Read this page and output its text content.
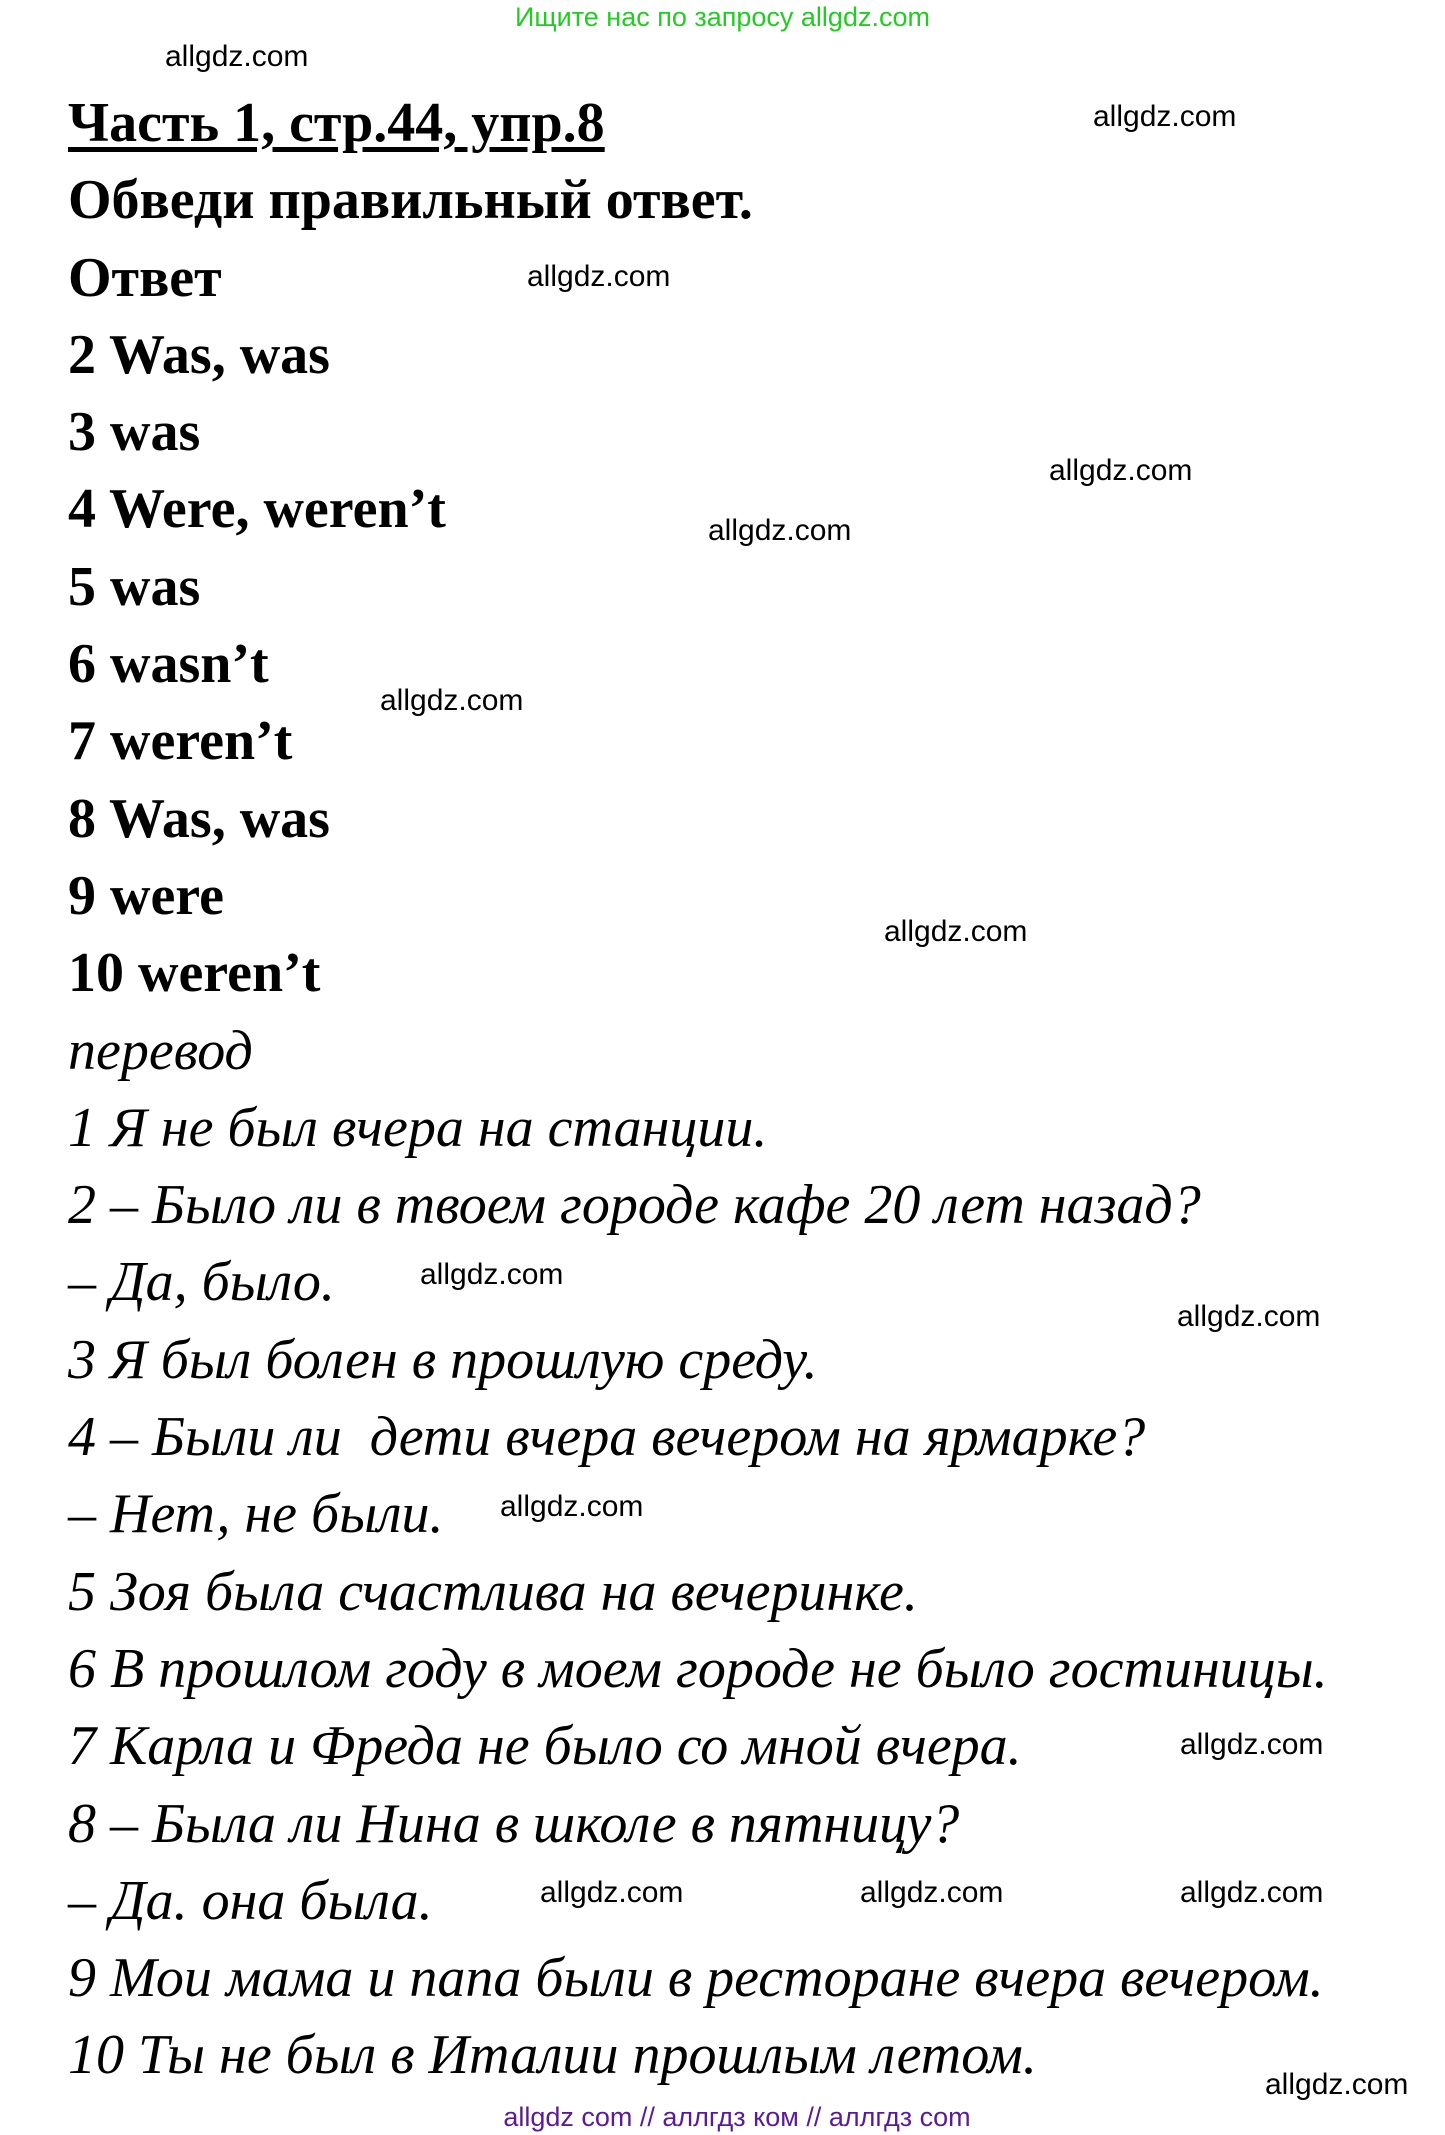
Ищите нас по запросу allgdz.com
Часть 1, стр.44, упр.8
Обведи правильный ответ.
Ответ
2 Was, was
3 was
4 Were, weren’t
5 was
6 wasn’t
7 weren’t
8 Was, was
9 were
10 weren’t
перевод
1 Я не был вчера на станции.
2 – Было ли в твоем городе кафе 20 лет назад?
– Да, было.
3 Я был болен в прошлую среду.
4 – Были ли  дети вчера вечером на ярмарке?
– Нет, не были.
5 Зоя была счастлива на вечеринке.
6 В прошлом году в моем городе не было гостиницы.
7 Карла и Фреда не было со мной вчера.
8 – Была ли Нина в школе в пятницу?
– Да. она была.
9 Мои мама и папа были в ресторане вчера вечером.
10 Ты не был в Италии прошлым летом.
allgdz.com
allgdz.com
allgdz.com
allgdz.com
allgdz.com
allgdz.com
allgdz.com
allgdz.com
allgdz.com
allgdz.com
allgdz.com
allgdz.com	allgdz.com	allgdz.com
allgdz.com
allgdz com // аллгдз ком // аллгдз com
